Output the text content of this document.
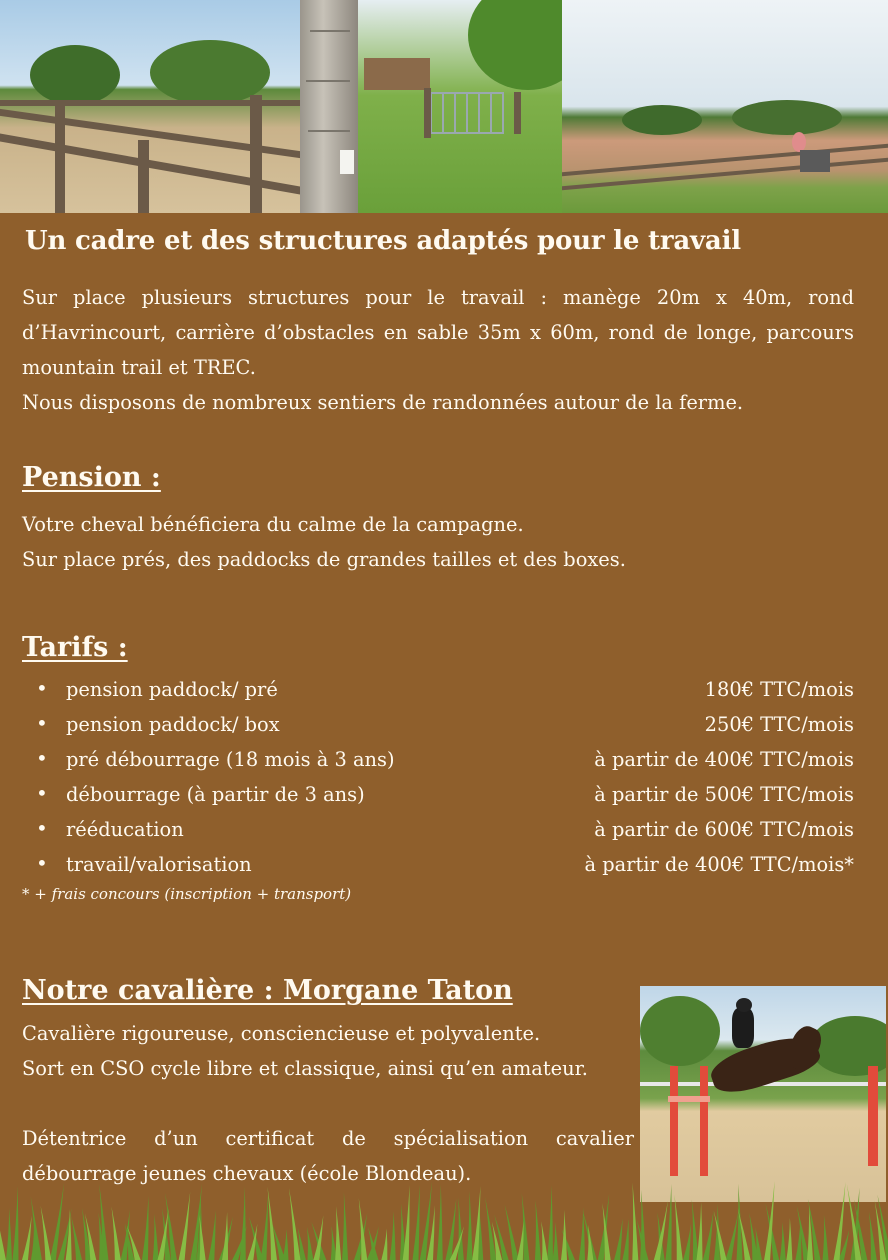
Un cadre et des structures adaptés pour le travail
Sur place plusieurs structures pour le travail : manège 20m x 40m, rond d’Havrincourt, carrière d’obstacles en sable 35m x 60m, rond de longe, parcours mountain trail et TREC.
Nous disposons de nombreux sentiers de randonnées autour de la ferme.
Pension :
Votre cheval bénéficiera du calme de la campagne.
Sur place prés, des paddocks de grandes tailles et des boxes.
Tarifs :
• pension paddock/ pré	180€ TTC/mois
• pension paddock/ box	250€ TTC/mois
• pré débourrage (18 mois à 3 ans)	à partir de 400€ TTC/mois
• débourrage (à partir de 3 ans)	à partir de 500€ TTC/mois
• rééducation	à partir de 600€ TTC/mois
• travail/valorisation	à partir de 400€ TTC/mois*
* + frais concours (inscription + transport)
Notre cavalière : Morgane Taton
Cavalière rigoureuse, consciencieuse et polyvalente.
Sort en CSO cycle libre et classique, ainsi qu’en amateur.
Détentrice d’un certificat de spécialisation cavalier débourrage jeunes chevaux (école Blondeau).
